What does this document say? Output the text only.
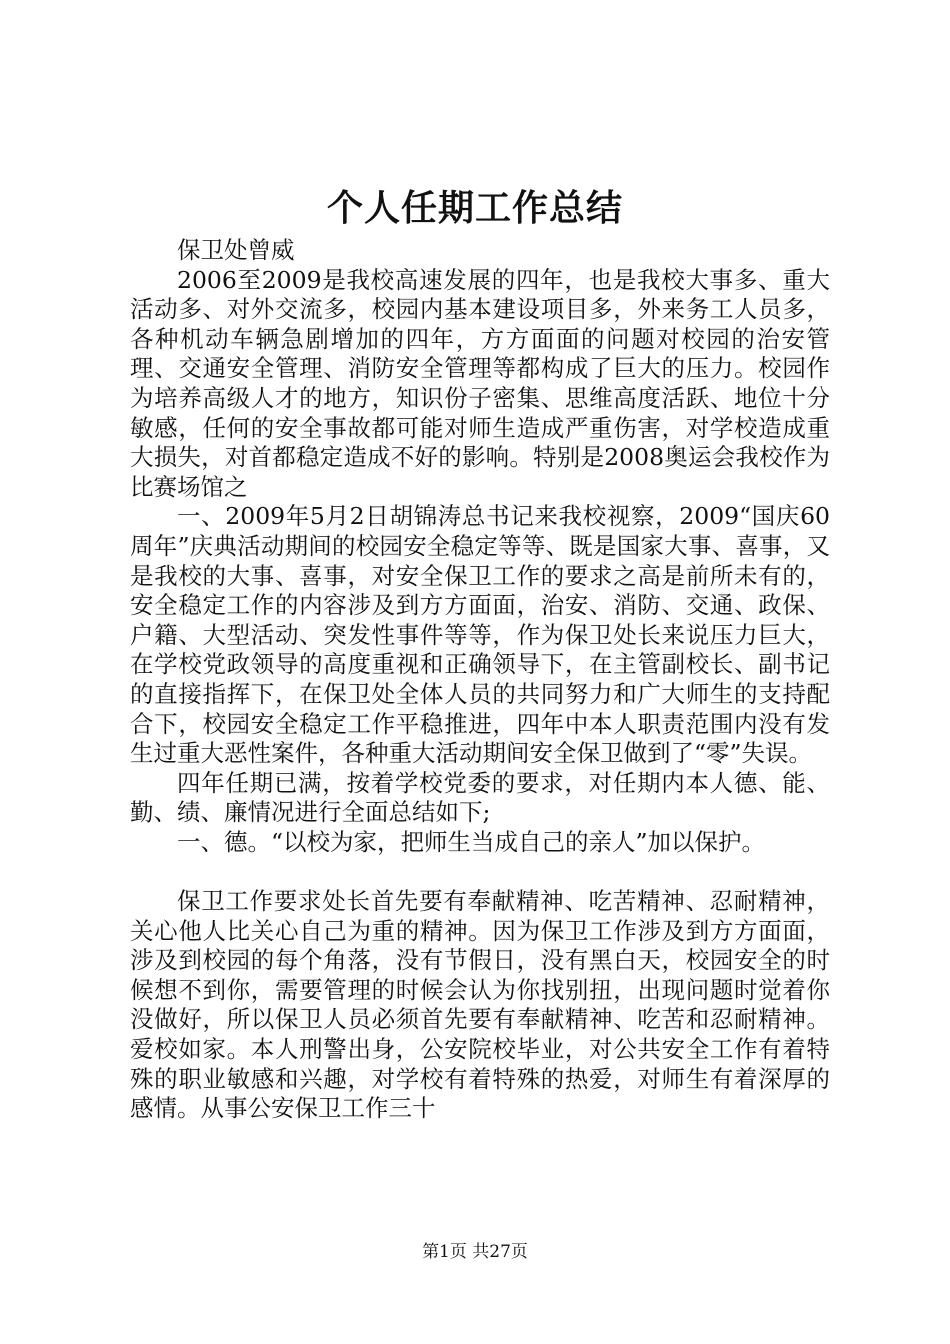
个人任期工作总结

保卫处曾威

2006至2009是我校高速发展的四年，也是我校大事多、重大活动多、对外交流多，校园内基本建设项目多，外来务工人员多，各种机动车辆急剧增加的四年，方方面面的问题对校园的治安管理、交通安全管理、消防安全管理等都构成了巨大的压力。校园作为培养高级人才的地方，知识份子密集、思维高度活跃、地位十分敏感，任何的安全事故都可能对师生造成严重伤害，对学校造成重大损失，对首都稳定造成不好的影响。特别是2008奥运会我校作为比赛场馆之

一、2009年5月2日胡锦涛总书记来我校视察，2009“国庆60周年”庆典活动期间的校园安全稳定等等、既是国家大事、喜事，又是我校的大事、喜事，对安全保卫工作的要求之高是前所未有的，安全稳定工作的内容涉及到方方面面，治安、消防、交通、政保、户籍、大型活动、突发性事件等等，作为保卫处长来说压力巨大，在学校党政领导的高度重视和正确领导下，在主管副校长、副书记的直接指挥下，在保卫处全体人员的共同努力和广大师生的支持配合下，校园安全稳定工作平稳推进，四年中本人职责范围内没有发生过重大恶性案件，各种重大活动期间安全保卫做到了“零”失误。

四年任期已满，按着学校党委的要求，对任期内本人德、能、勤、绩、廉情况进行全面总结如下;

一、德。“以校为家，把师生当成自己的亲人”加以保护。

保卫工作要求处长首先要有奉献精神、吃苦精神、忍耐精神，关心他人比关心自己为重的精神。因为保卫工作涉及到方方面面，涉及到校园的每个角落，没有节假日，没有黑白天，校园安全的时候想不到你，需要管理的时候会认为你找别扭，出现问题时觉着你没做好，所以保卫人员必须首先要有奉献精神、吃苦和忍耐精神。爱校如家。本人刑警出身，公安院校毕业，对公共安全工作有着特殊的职业敏感和兴趣，对学校有着特殊的热爱，对师生有着深厚的感情。从事公安保卫工作三十

第1页 共27页
